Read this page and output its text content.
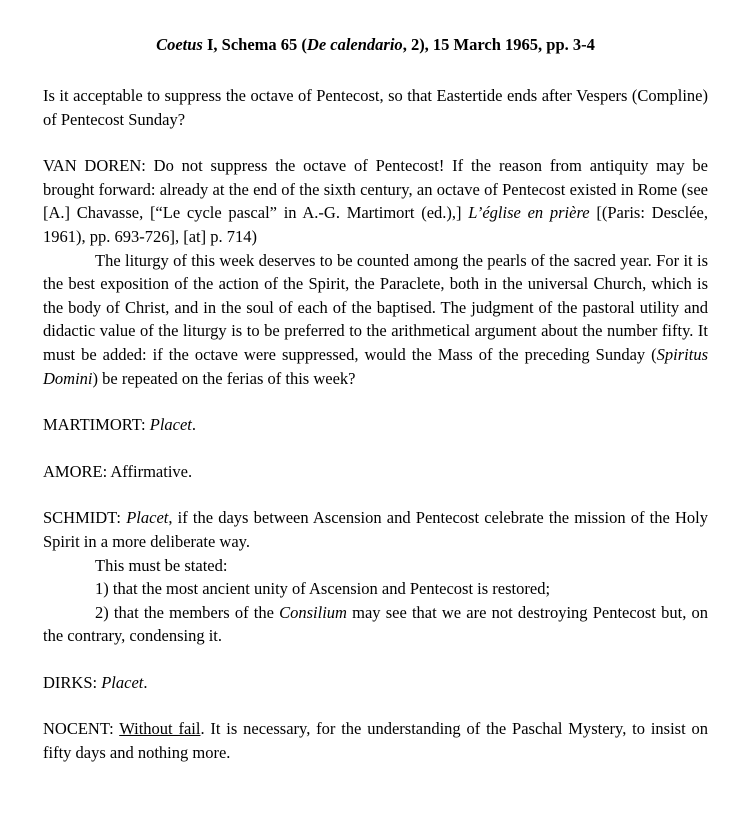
Coetus I, Schema 65 (De calendario, 2), 15 March 1965, pp. 3-4

Is it acceptable to suppress the octave of Pentecost, so that Eastertide ends after Vespers (Compline) of Pentecost Sunday?

VAN DOREN: Do not suppress the octave of Pentecost! If the reason from antiquity may be brought forward: already at the end of the sixth century, an octave of Pentecost existed in Rome (see [A.] Chavasse, [“Le cycle pascal” in A.-G. Martimort (ed.),] L’église en prière [(Paris: Desclée, 1961), pp. 693-726], [at] p. 714)

The liturgy of this week deserves to be counted among the pearls of the sacred year. For it is the best exposition of the action of the Spirit, the Paraclete, both in the universal Church, which is the body of Christ, and in the soul of each of the baptised. The judgment of the pastoral utility and didactic value of the liturgy is to be preferred to the arithmetical argument about the number fifty. It must be added: if the octave were suppressed, would the Mass of the preceding Sunday (Spiritus Domini) be repeated on the ferias of this week?

MARTIMORT: Placet.

AMORE: Affirmative.

SCHMIDT: Placet, if the days between Ascension and Pentecost celebrate the mission of the Holy Spirit in a more deliberate way.

This must be stated:

1) that the most ancient unity of Ascension and Pentecost is restored;

2) that the members of the Consilium may see that we are not destroying Pentecost but, on the contrary, condensing it.

DIRKS: Placet.

NOCENT: Without fail. It is necessary, for the understanding of the Paschal Mystery, to insist on fifty days and nothing more.
